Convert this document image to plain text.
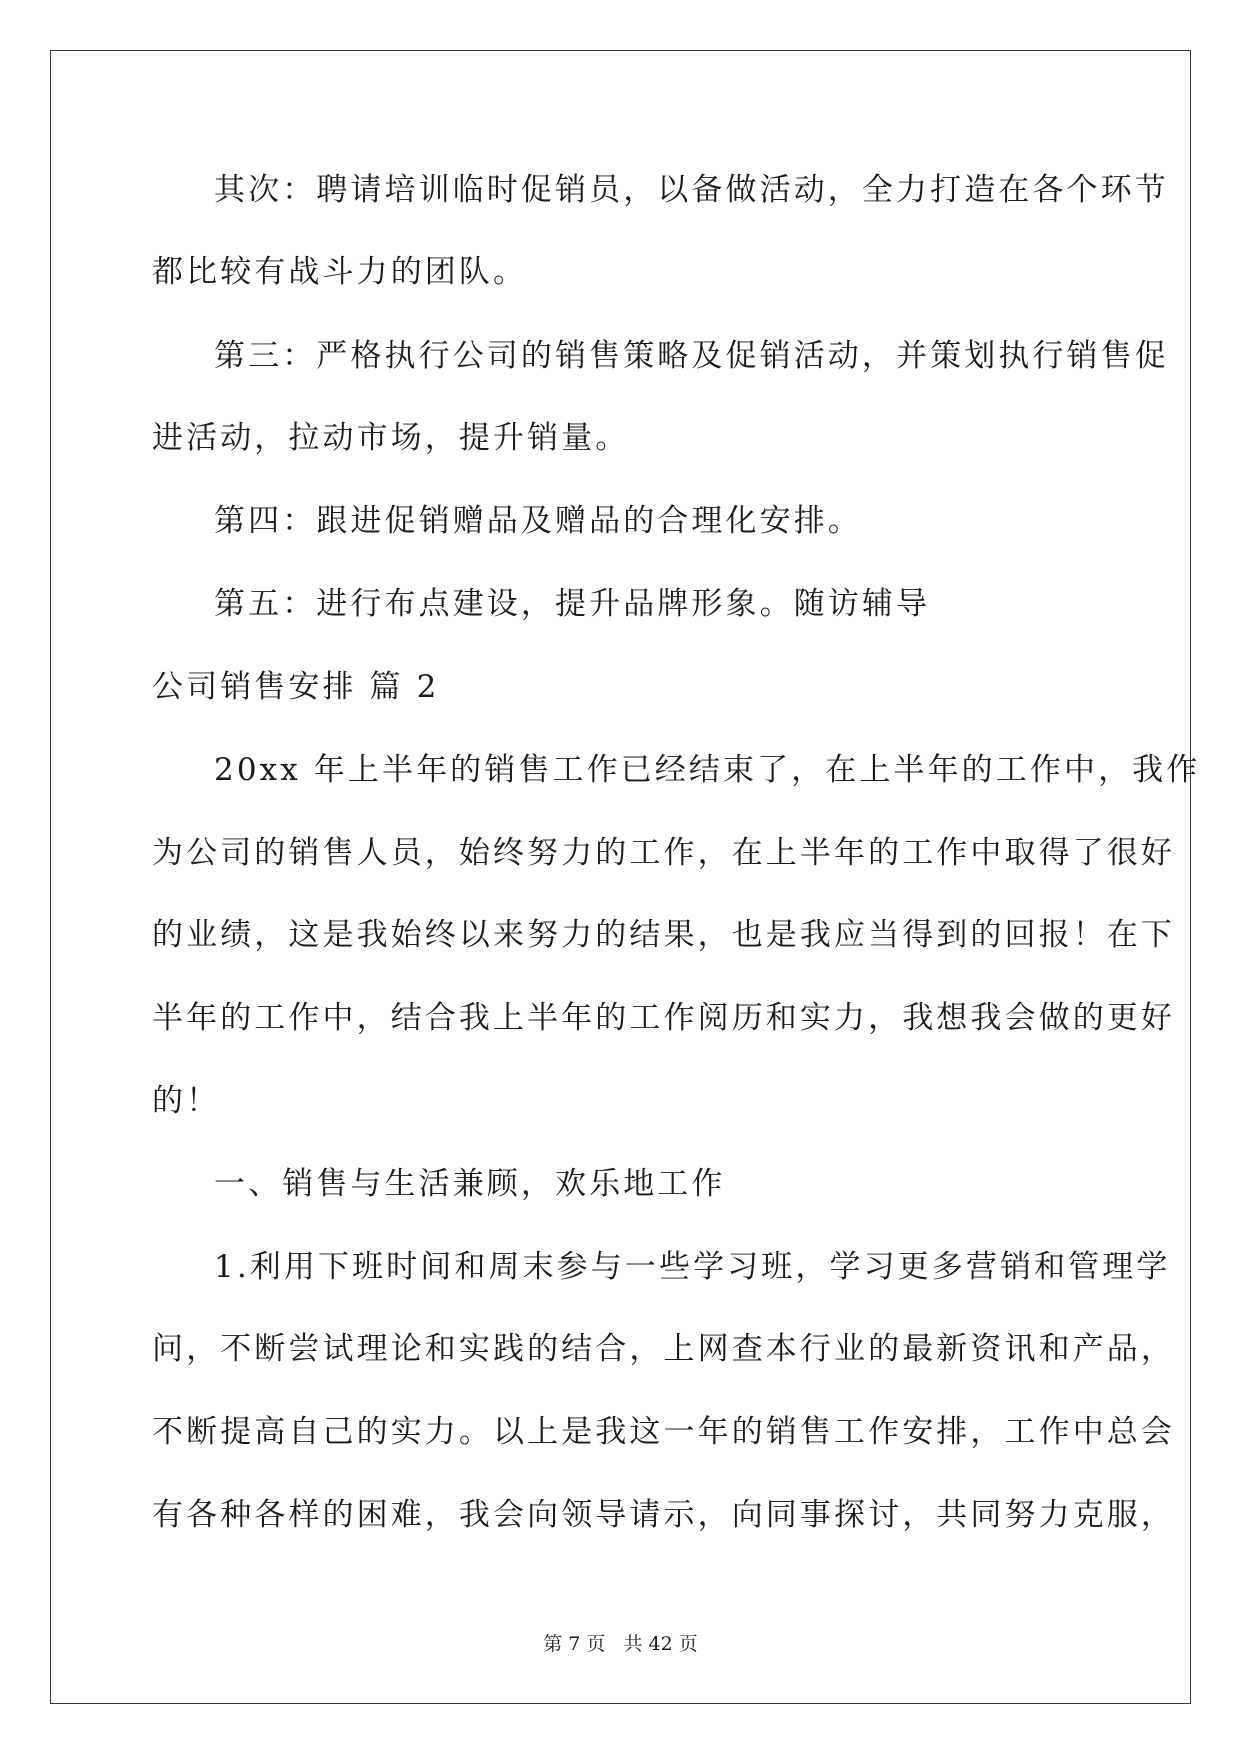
其次：聘请培训临时促销员，以备做活动，全力打造在各个环节
都比较有战斗力的团队。
第三：严格执行公司的销售策略及促销活动，并策划执行销售促
进活动，拉动市场，提升销量。
第四：跟进促销赠品及赠品的合理化安排。
第五：进行布点建设，提升品牌形象。随访辅导
公司销售安排 篇 2
20xx 年上半年的销售工作已经结束了，在上半年的工作中，我作
为公司的销售人员，始终努力的工作，在上半年的工作中取得了很好
的业绩，这是我始终以来努力的结果，也是我应当得到的回报！在下
半年的工作中，结合我上半年的工作阅历和实力，我想我会做的更好
的！
一、销售与生活兼顾，欢乐地工作
1.利用下班时间和周末参与一些学习班，学习更多营销和管理学
问，不断尝试理论和实践的结合，上网查本行业的最新资讯和产品，
不断提高自己的实力。以上是我这一年的销售工作安排，工作中总会
有各种各样的困难，我会向领导请示，向同事探讨，共同努力克服，
第 7 页 共 42 页
